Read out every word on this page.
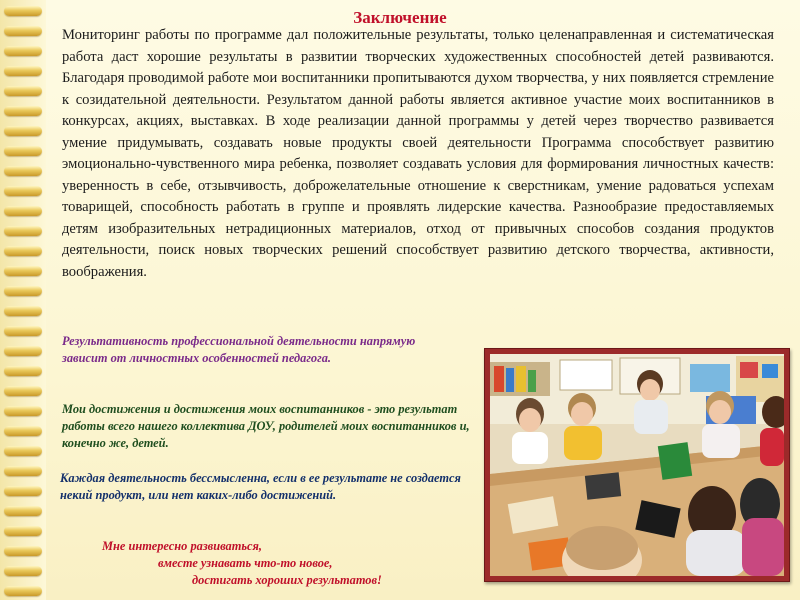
Заключение

Мониторинг работы по программе дал положительные результаты, только целенаправленная и систематическая работа даст хорошие результаты в развитии творческих художественных способностей детей развиваются. Благодаря проводимой работе мои воспитанники пропитываются духом творчества, у них появляется стремление к созидательной деятельности. Результатом данной работы является активное участие моих воспитанников в конкурсах, акциях, выставках. В ходе реализации данной программы у детей через творчество развивается умение придумывать, создавать новые продукты своей деятельности Программа способствует развитию эмоционально-чувственного мира ребенка, позволяет создавать условия для формирования личностных качеств: уверенность в себе, отзывчивость, доброжелательные отношение к сверстникам, умение радоваться успехам товарищей, способность работать в группе и проявлять лидерские качества. Разнообразие предоставляемых детям изобразительных нетрадиционных материалов, отход от привычных способов создания продуктов деятельности, поиск новых творческих решений способствует развитию детского творчества, активности, воображения.

Результативность профессиональной деятельности напрямую зависит от личностных особенностей педагога.

Мои достижения и достижения моих воспитанников - это результат работы всего нашего коллектива ДОУ, родителей моих воспитанников и, конечно же, детей.

Каждая деятельность бессмысленна, если в ее результате не создается некий продукт, или нет каких-либо достижений.

Мне интересно развиваться,
вместе узнавать что-то новое,
достигать хороших результатов!
